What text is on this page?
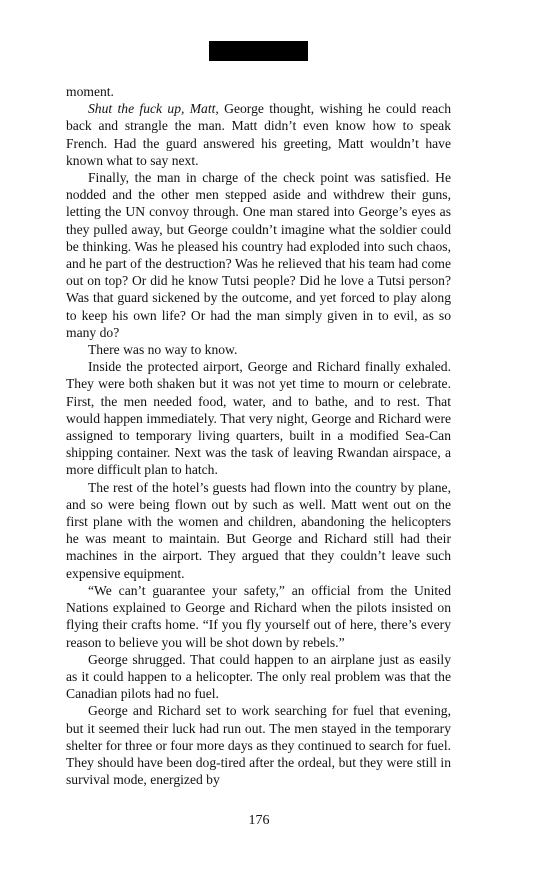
moment.

Shut the fuck up, Matt, George thought, wishing he could reach back and strangle the man. Matt didn’t even know how to speak French. Had the guard answered his greeting, Matt wouldn’t have known what to say next.

Finally, the man in charge of the check point was satisfied. He nodded and the other men stepped aside and withdrew their guns, letting the UN convoy through. One man stared into George’s eyes as they pulled away, but George couldn’t imagine what the soldier could be thinking. Was he pleased his country had exploded into such chaos, and he part of the destruction? Was he relieved that his team had come out on top? Or did he know Tutsi people? Did he love a Tutsi person? Was that guard sickened by the outcome, and yet forced to play along to keep his own life? Or had the man simply given in to evil, as so many do?

There was no way to know.

Inside the protected airport, George and Richard finally exhaled. They were both shaken but it was not yet time to mourn or celebrate. First, the men needed food, water, and to bathe, and to rest. That would happen immediately. That very night, George and Richard were assigned to temporary living quarters, built in a modified Sea-Can shipping container. Next was the task of leaving Rwandan airspace, a more difficult plan to hatch.

The rest of the hotel’s guests had flown into the country by plane, and so were being flown out by such as well. Matt went out on the first plane with the women and children, abandoning the helicopters he was meant to maintain. But George and Richard still had their machines in the airport. They argued that they couldn’t leave such expensive equipment.

“We can’t guarantee your safety,” an official from the United Nations explained to George and Richard when the pilots insisted on flying their crafts home. “If you fly yourself out of here, there’s every reason to believe you will be shot down by rebels.”

George shrugged. That could happen to an airplane just as easily as it could happen to a helicopter. The only real problem was that the Canadian pilots had no fuel.

George and Richard set to work searching for fuel that evening, but it seemed their luck had run out. The men stayed in the temporary shelter for three or four more days as they continued to search for fuel. They should have been dog-tired after the ordeal, but they were still in survival mode, energized by

176
